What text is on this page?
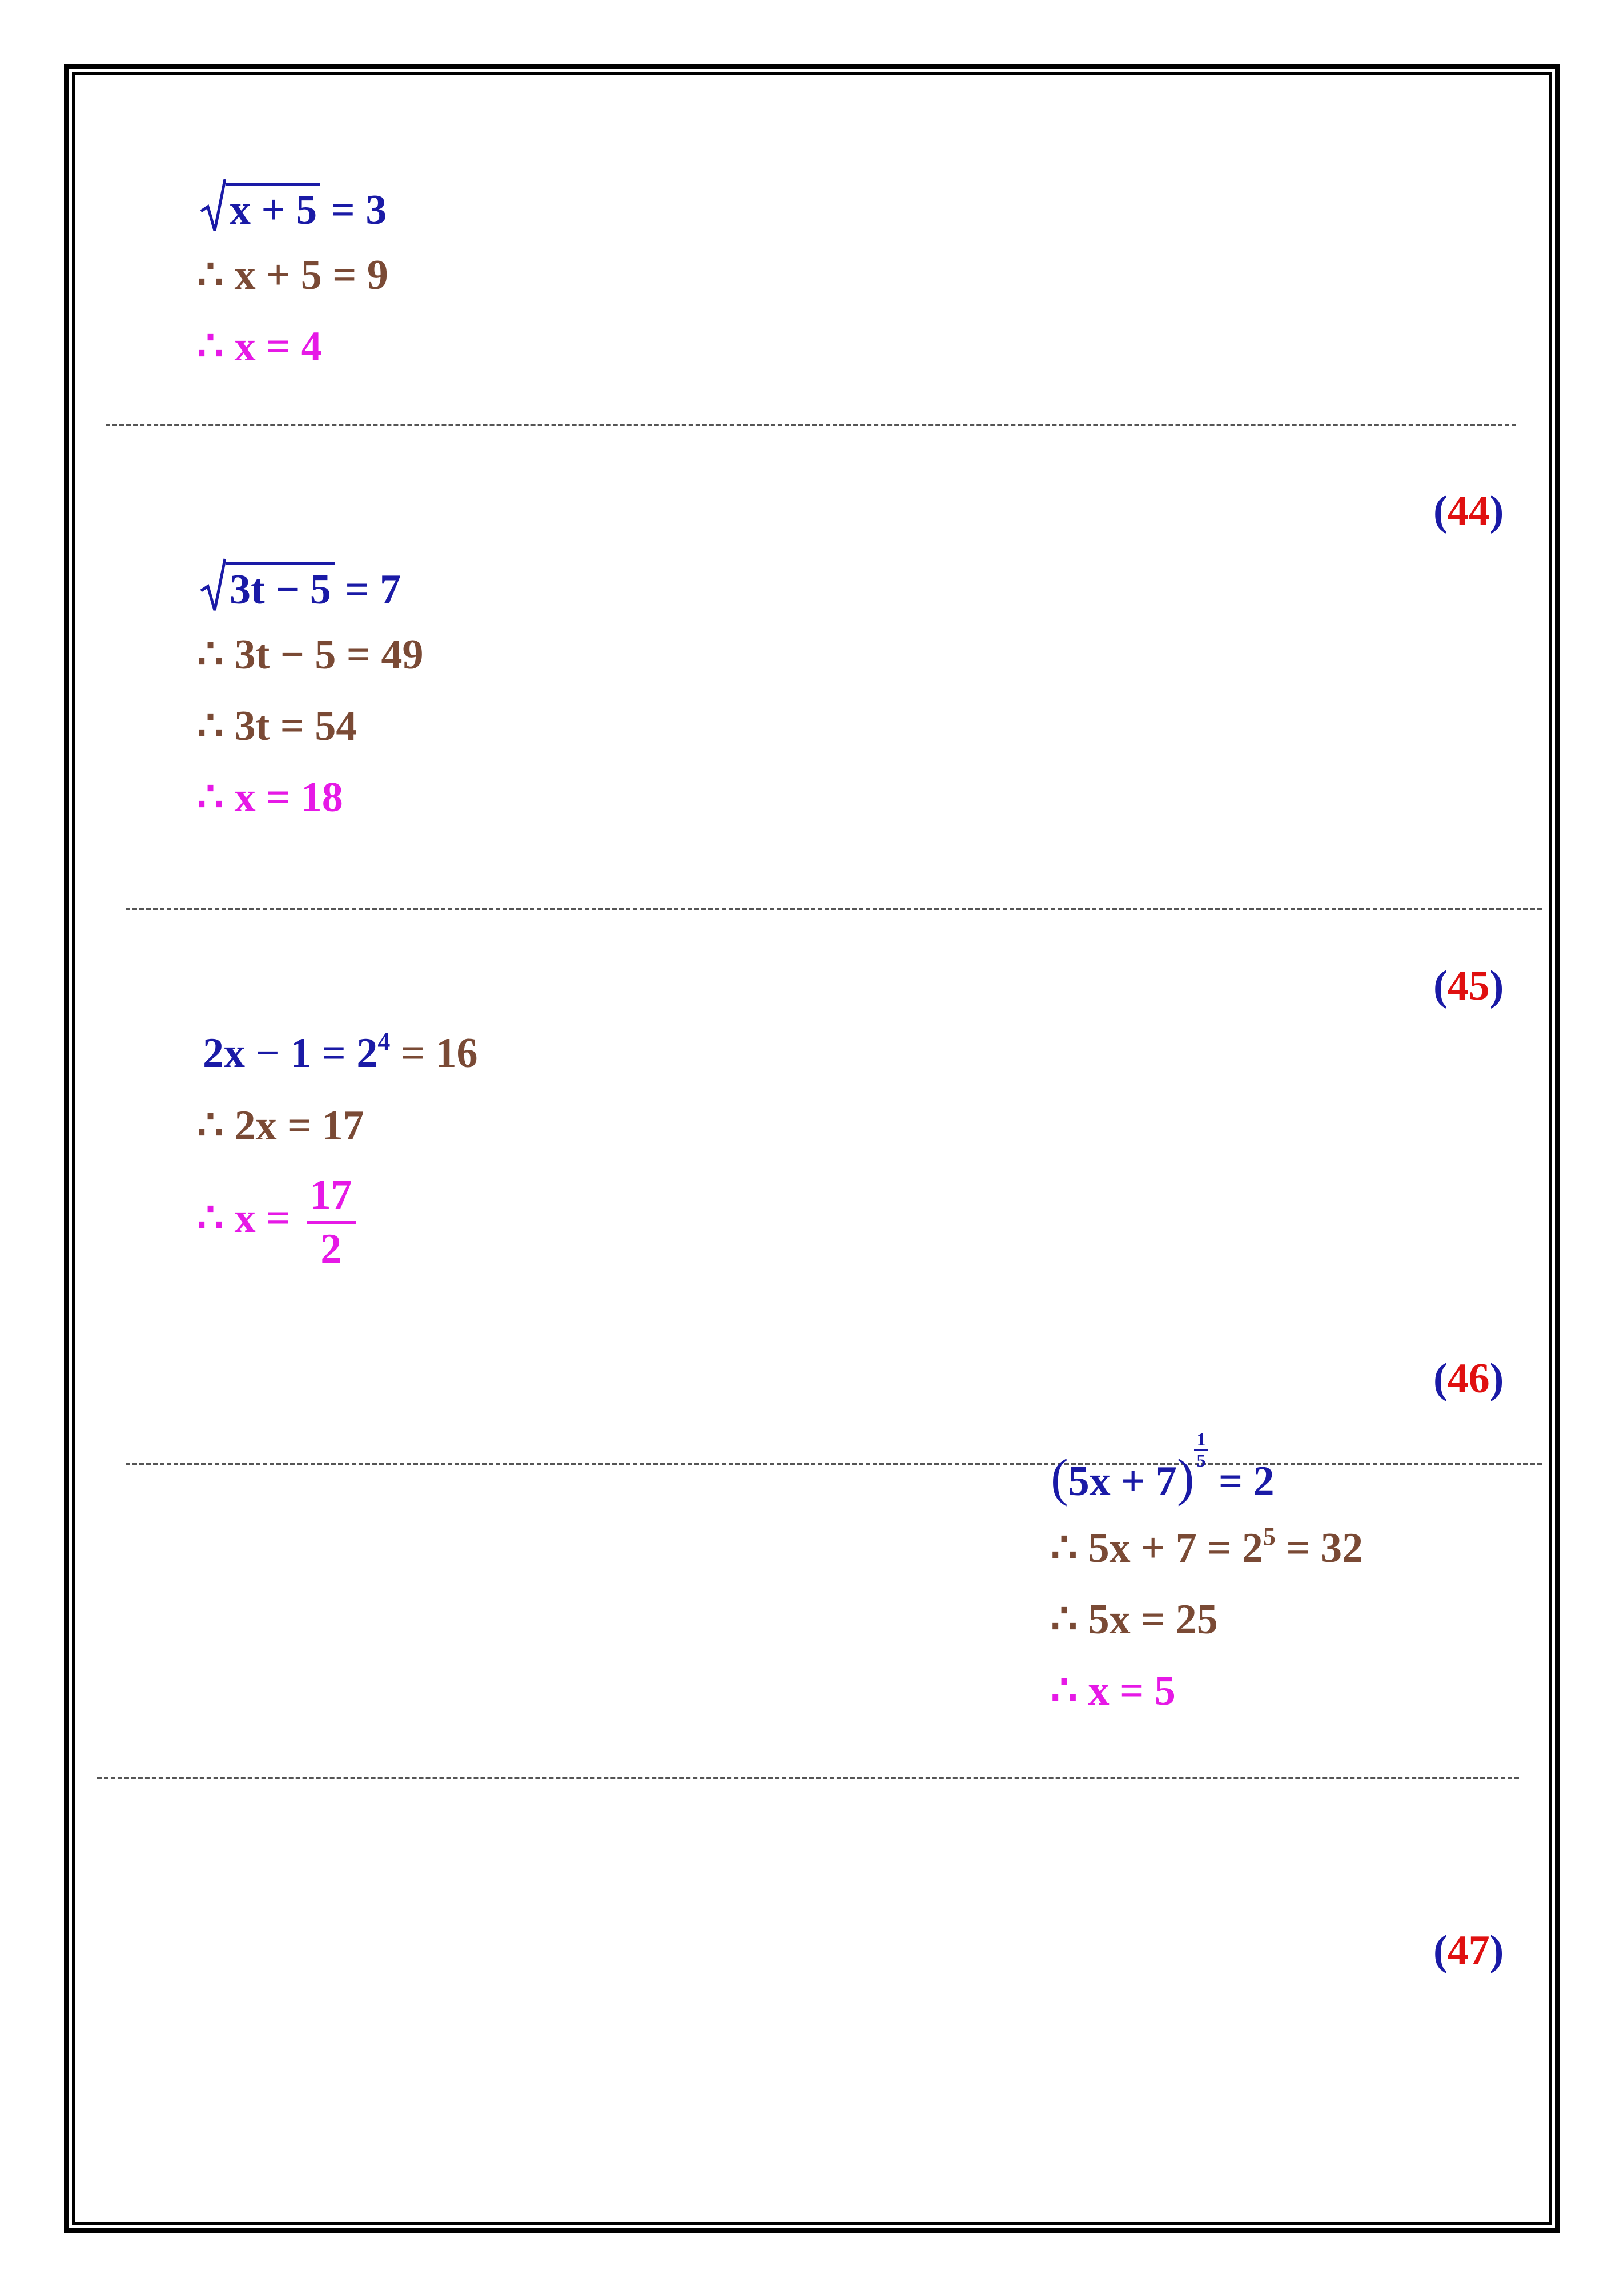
x + 5 = 3
∴ x + 5 = 9
∴ x = 4
(44)
3t − 5 = 7
∴ 3t − 5 = 49
∴ 3t = 54
∴ x = 18
(45)
$2x - 1 = 2^4 = 16$
∴ 2x = 17
∴ $x = \frac{17}{2}$
(46)
$(5x + 7) \frac{1}{5}$
= 2
∴ $5x + 7 = 2^5 = 32$
∴ 5x = 25
∴ x = 5
(47)
